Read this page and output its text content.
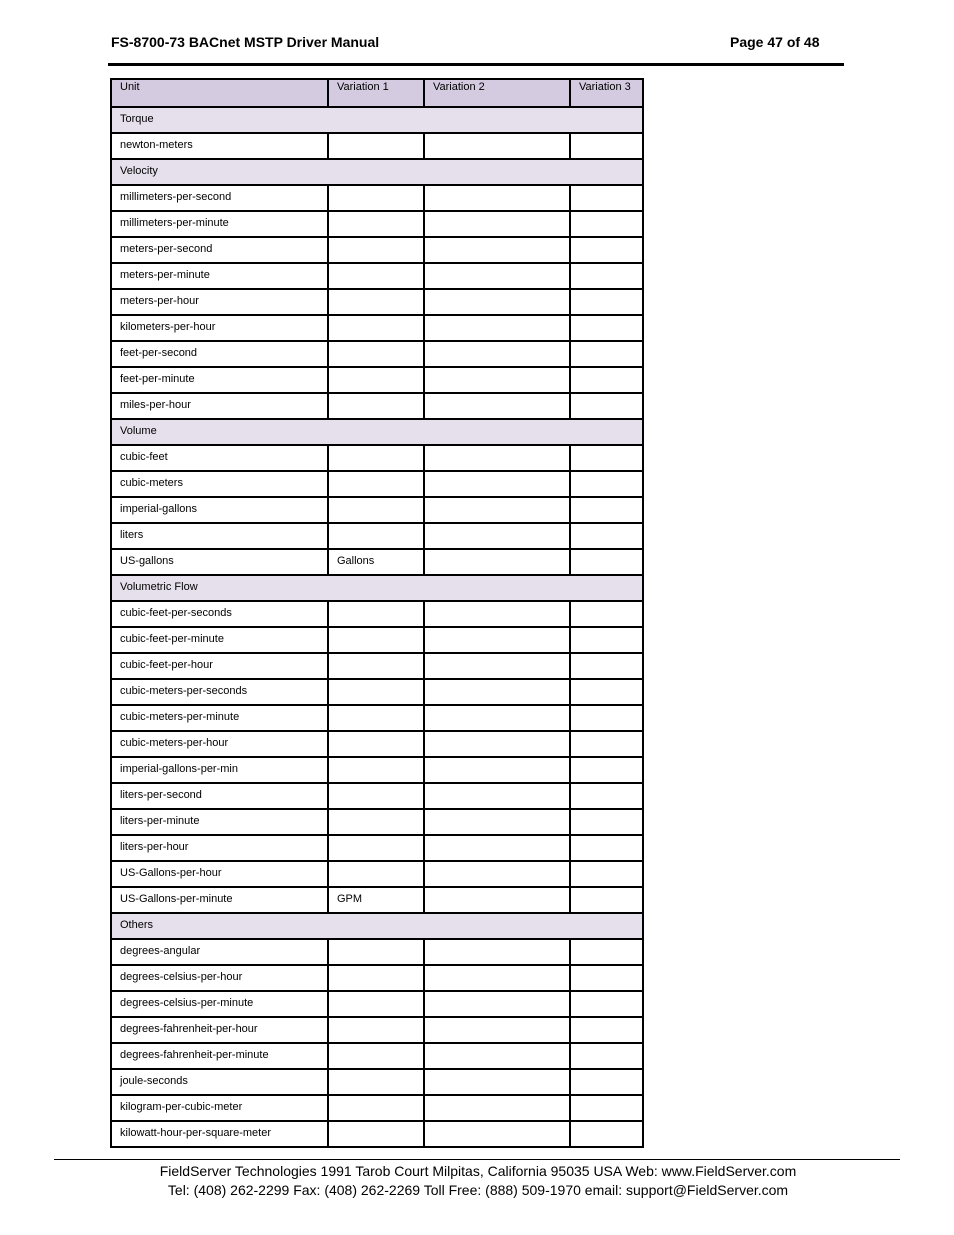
FS-8700-73 BACnet MSTP Driver Manual	Page 47 of 48
Unit	Variation 1	Variation 2	Variation 3
Torque			
newton-meters			
Velocity			
millimeters-per-second			
millimeters-per-minute			
meters-per-second			
meters-per-minute			
meters-per-hour			
kilometers-per-hour			
feet-per-second			
feet-per-minute			
miles-per-hour			
Volume			
cubic-feet			
cubic-meters			
imperial-gallons			
liters			
US-gallons	Gallons		
Volumetric Flow			
cubic-feet-per-seconds			
cubic-feet-per-minute			
cubic-feet-per-hour			
cubic-meters-per-seconds			
cubic-meters-per-minute			
cubic-meters-per-hour			
imperial-gallons-per-min			
liters-per-second			
liters-per-minute			
liters-per-hour			
US-Gallons-per-hour			
US-Gallons-per-minute	GPM		
Others			
degrees-angular			
degrees-celsius-per-hour			
degrees-celsius-per-minute			
degrees-fahrenheit-per-hour			
degrees-fahrenheit-per-minute			
joule-seconds			
kilogram-per-cubic-meter			
kilowatt-hour-per-square-meter			
FieldServer Technologies 1991 Tarob Court Milpitas, California 95035 USA Web: www.FieldServer.com
Tel: (408) 262-2299 Fax: (408) 262-2269 Toll Free: (888) 509-1970 email: support@FieldServer.com
